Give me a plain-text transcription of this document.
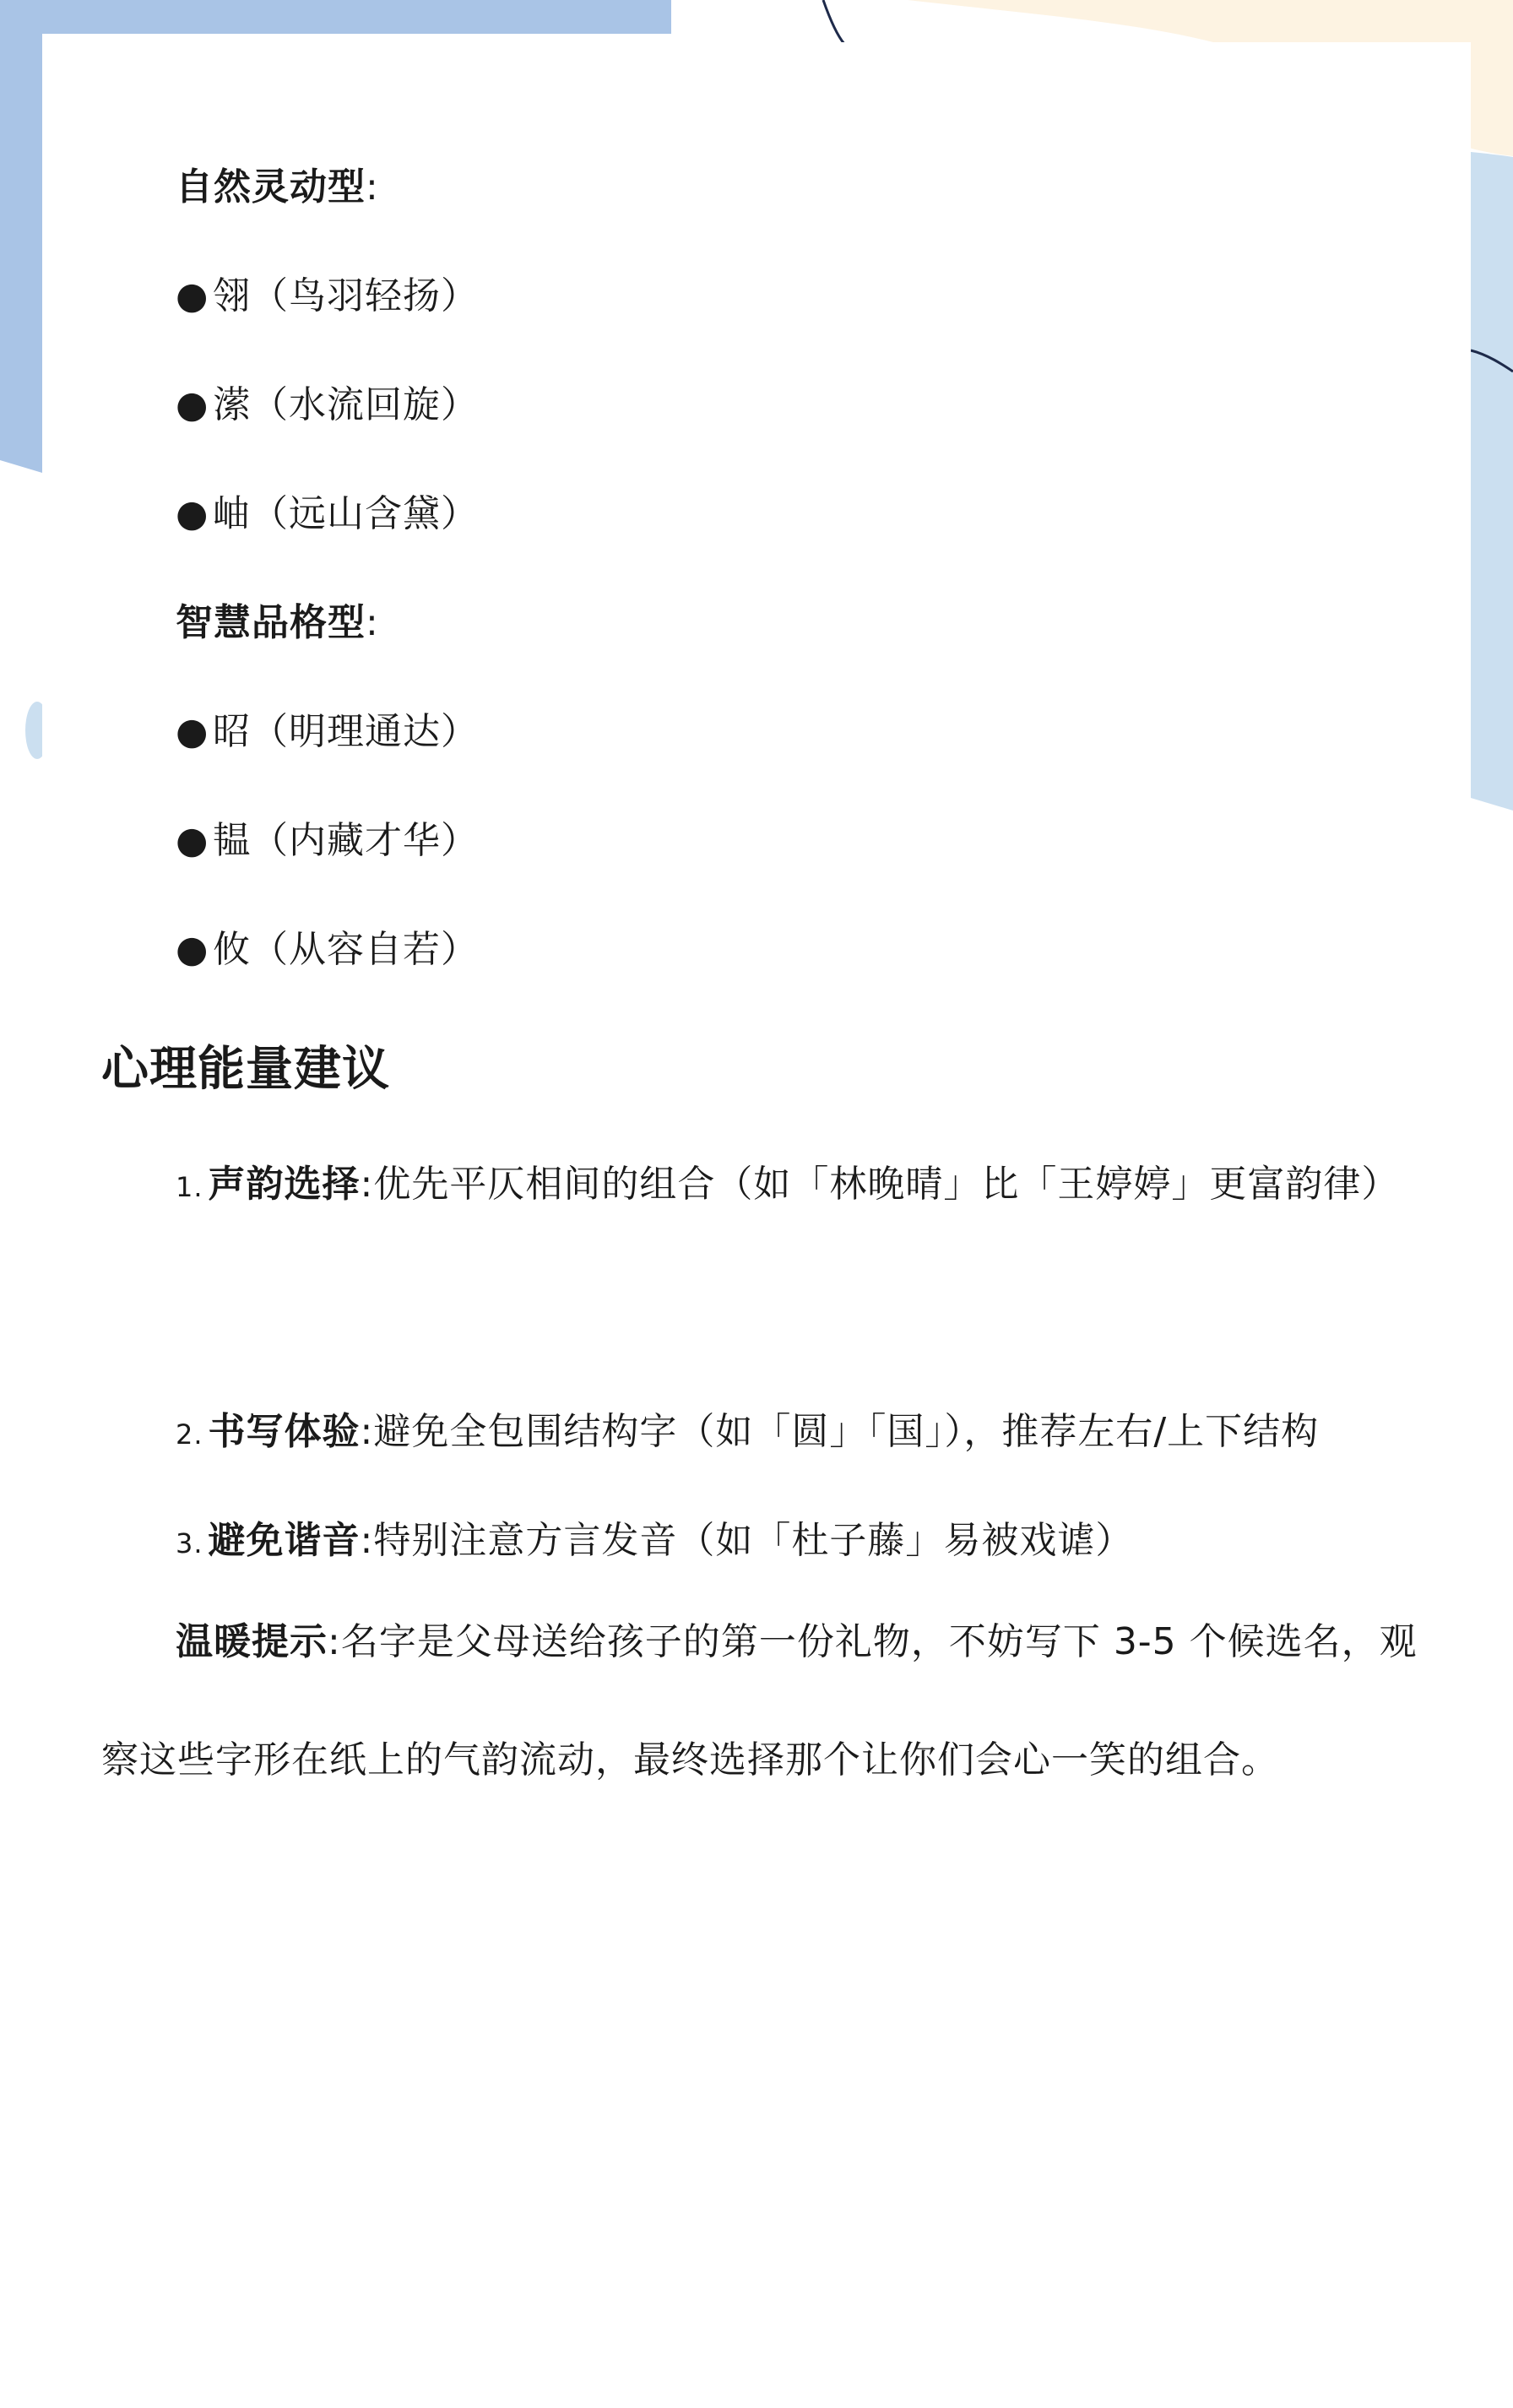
自然灵动型:
● 翎（鸟羽轻扬）
● 潆（水流回旋）
● 岫（远山含黛）
智慧品格型:
● 昭（明理通达）
● 韫（内藏才华）
● 攸（从容自若）
心理能量建议
1. 声韵选择:优先平仄相间的组合（如「林晚晴」比「王婷婷」更富韵律）
2. 书写体验:避免全包围结构字（如「圆」「国」），推荐左右/上下结构
3. 避免谐音:特别注意方言发音（如「杜子藤」易被戏谑）
温暖提示:名字是父母送给孩子的第一份礼物，不妨写下 3-5 个候选名，观察这些字形在纸上的气韵流动，最终选择那个让你们会心一笑的组合。
